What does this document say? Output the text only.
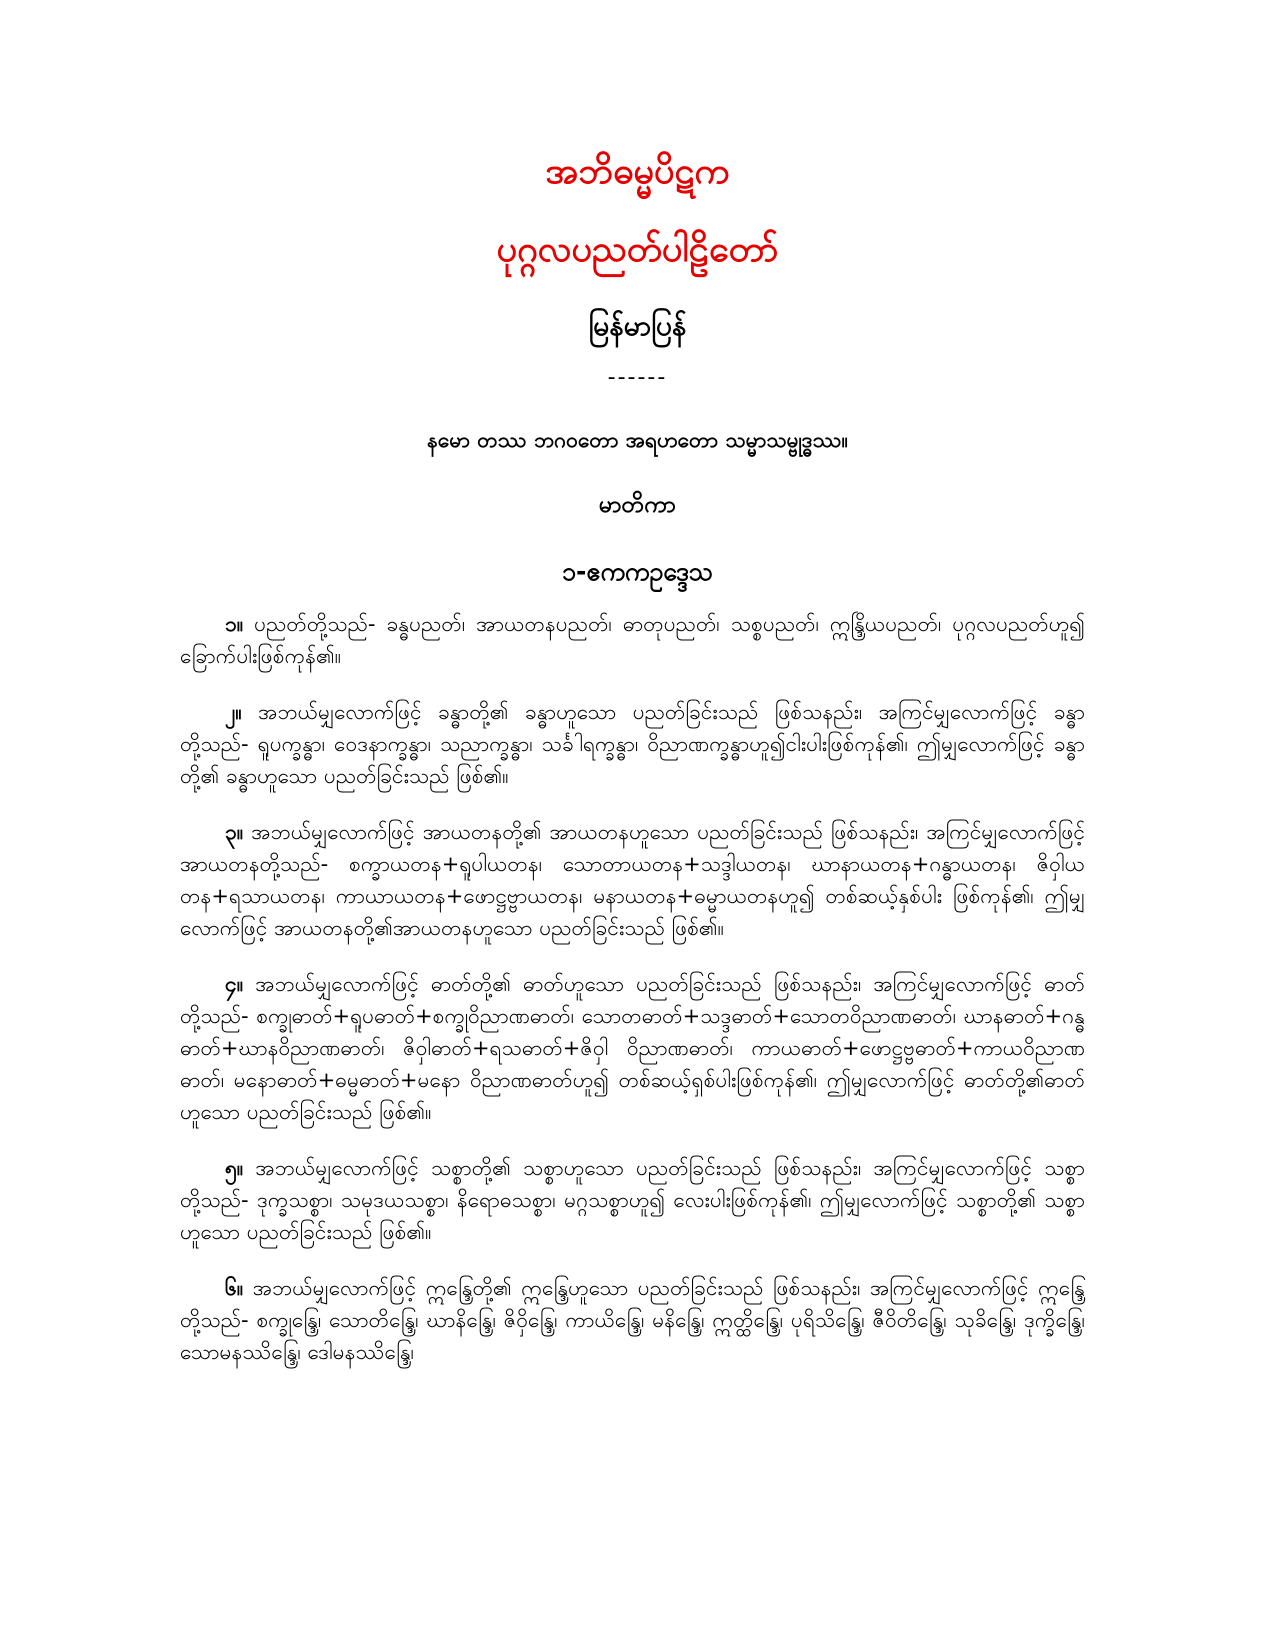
အဘိဓမ္မပိဋက
ပုဂ္ဂလပညတ်ပါဠိတော်
မြန်မာပြန်
------

နမော တဿ ဘဂဝတော အရဟတော သမ္မာသမ္ဗုဒ္ဓဿ။

မာတိကာ
၁-ဧကကဥဒ္ဒေသ

၁။ ပညတ်တို့သည်- ခန္ဓပညတ်၊ အာယတနပညတ်၊ ဓာတုပညတ်၊ သစ္စပညတ်၊ ဣန္ဒြိယပညတ်၊ ပုဂ္ဂလပညတ်ဟူ၍ ခြောက်ပါးဖြစ်ကုန်၏။

၂။ အဘယ်မျှလောက်ဖြင့် ခန္ဓာတို့၏ ခန္ဓာဟူသော ပညတ်ခြင်းသည် ဖြစ်သနည်း၊ အကြင်မျှလောက်ဖြင့် ခန္ဓာတို့သည်- ရူပက္ခန္ဓာ၊ ဝေဒနာက္ခန္ဓာ၊ သညာက္ခန္ဓာ၊ သင်္ခါရက္ခန္ဓာ၊ ဝိညာဏက္ခန္ဓာဟူ၍ငါးပါးဖြစ်ကုန်၏၊ ဤမျှလောက်ဖြင့် ခန္ဓာတို့၏ ခန္ဓာဟူသော ပညတ်ခြင်းသည် ဖြစ်၏။

၃။ အဘယ်မျှလောက်ဖြင့် အာယတနတို့၏ အာယတနဟူသော ပညတ်ခြင်းသည် ဖြစ်သနည်း၊ အကြင်မျှလောက်ဖြင့် အာယတနတို့သည်- စက္ခာယတန+ရူပါယတန၊ သောတာယတန+သဒ္ဒါယတန၊ ဃာနာယတန+ဂန္ဓာယတန၊ ဇိဝှါယတန+ရသာယတန၊ ကာယာယတန+ဖောဋ္ဌဗ္ဗာယတန၊ မနာယတန+ဓမ္မာယတနဟူ၍ တစ်ဆယ့်နှစ်ပါး ဖြစ်ကုန်၏၊ ဤမျှလောက်ဖြင့် အာယတနတို့၏အာယတနဟူသော ပညတ်ခြင်းသည် ဖြစ်၏။

၄။ အဘယ်မျှလောက်ဖြင့် ဓာတ်တို့၏ ဓာတ်ဟူသော ပညတ်ခြင်းသည် ဖြစ်သနည်း၊ အကြင်မျှလောက်ဖြင့် ဓာတ်တို့သည်- စက္ခုဓာတ်+ရူပဓာတ်+စက္ခုဝိညာဏဓာတ်၊ သောတဓာတ်+သဒ္ဒဓာတ်+သောတဝိညာဏဓာတ်၊ ဃာနဓာတ်+ဂန္ဓဓာတ်+ဃာနဝိညာဏဓာတ်၊ ဇိဝှါဓာတ်+ရသဓာတ်+ဇိဝှါ ဝိညာဏဓာတ်၊ ကာယဓာတ်+ဖောဋ္ဌဗ္ဗဓာတ်+ကာယဝိညာဏဓာတ်၊ မနောဓာတ်+ဓမ္မဓာတ်+မနော ဝိညာဏဓာတ်ဟူ၍ တစ်ဆယ့်ရှစ်ပါးဖြစ်ကုန်၏၊ ဤမျှလောက်ဖြင့် ဓာတ်တို့၏ဓာတ်ဟူသော ပညတ်ခြင်းသည် ဖြစ်၏။

၅။ အဘယ်မျှလောက်ဖြင့် သစ္စာတို့၏ သစ္စာဟူသော ပညတ်ခြင်းသည် ဖြစ်သနည်း၊ အကြင်မျှလောက်ဖြင့် သစ္စာတို့သည်- ဒုက္ခသစ္စာ၊ သမုဒယသစ္စာ၊ နိရောဓသစ္စာ၊ မဂ္ဂသစ္စာဟူ၍ လေးပါးဖြစ်ကုန်၏၊ ဤမျှလောက်ဖြင့် သစ္စာတို့၏ သစ္စာဟူသော ပညတ်ခြင်းသည် ဖြစ်၏။

၆။ အဘယ်မျှလောက်ဖြင့် ဣန္ဒြေတို့၏ ဣန္ဒြေဟူသော ပညတ်ခြင်းသည် ဖြစ်သနည်း၊ အကြင်မျှလောက်ဖြင့် ဣန္ဒြေတို့သည်- စက္ခုန္ဒြေ၊ သောတိန္ဒြေ၊ ဃာနိန္ဒြေ၊ ဇိဝှိန္ဒြေ၊ ကာယိန္ဒြေ၊ မနိန္ဒြေ၊ ဣတ္ထိန္ဒြေ၊ ပုရိသိန္ဒြေ၊ ဇီဝိတိန္ဒြေ၊ သုခိန္ဒြေ၊ ဒုက္ခိန္ဒြေ၊ သောမနဿိန္ဒြေ၊ ဒေါမနဿိန္ဒြေ၊
